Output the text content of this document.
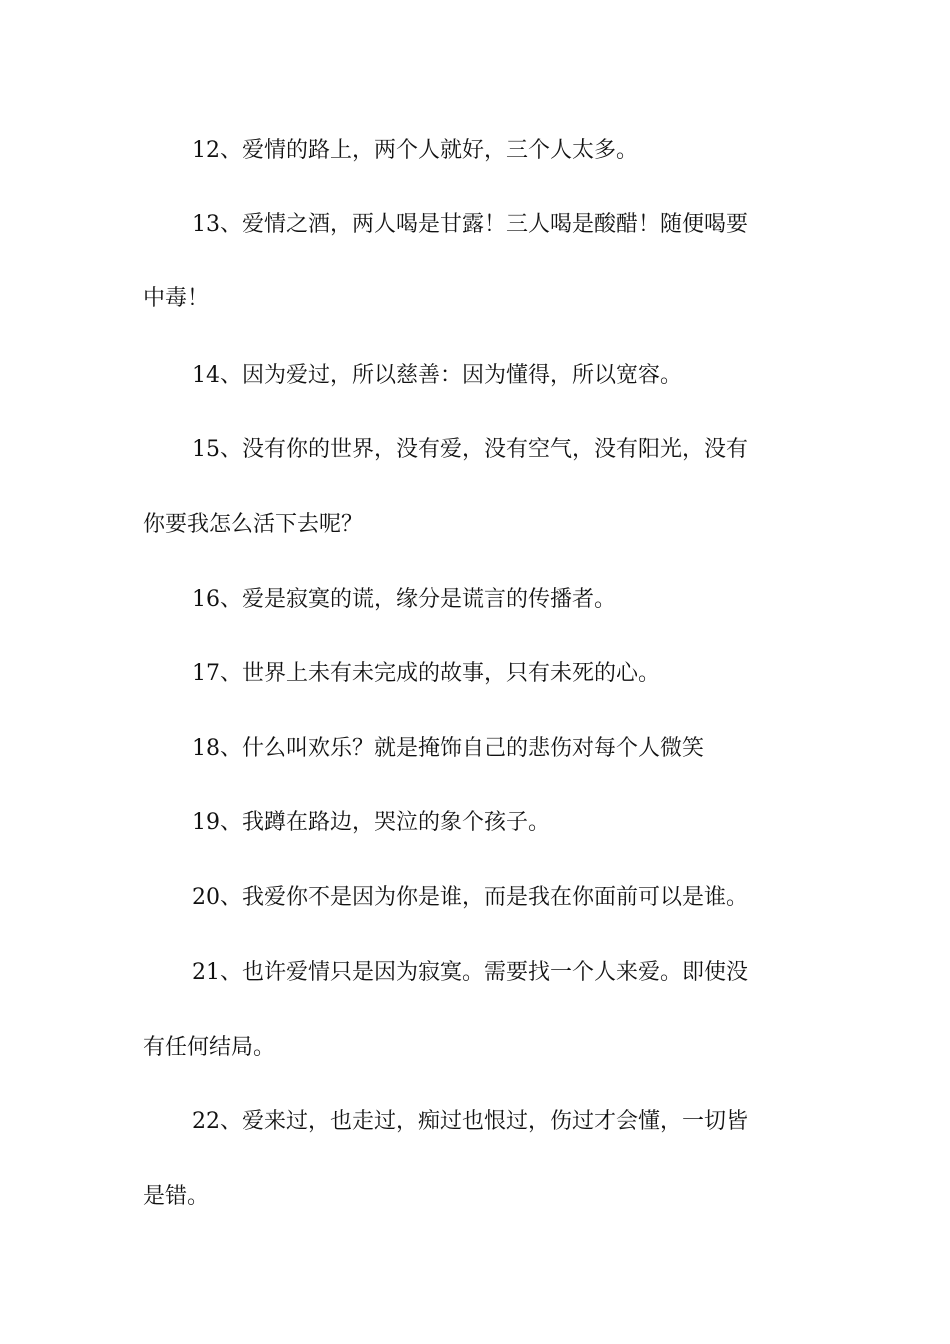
12、爱情的路上，两个人就好，三个人太多。
13、爱情之酒，两人喝是甘露！三人喝是酸醋！随便喝要
中毒！
14、因为爱过，所以慈善：因为懂得，所以宽容。
15、没有你的世界，没有爱，没有空气，没有阳光，没有
你要我怎么活下去呢？
16、爱是寂寞的谎，缘分是谎言的传播者。
17、世界上未有未完成的故事，只有未死的心。
18、什么叫欢乐？就是掩饰自己的悲伤对每个人微笑
19、我蹲在路边，哭泣的象个孩子。
20、我爱你不是因为你是谁，而是我在你面前可以是谁。
21、也许爱情只是因为寂寞。需要找一个人来爱。即使没
有任何结局。
22、爱来过，也走过，痴过也恨过，伤过才会懂，一切皆
是错。
